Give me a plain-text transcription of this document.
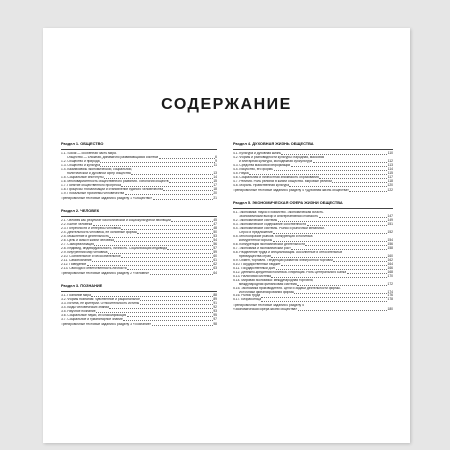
СОДЕРЖАНИЕ
Раздел 1. ОБЩЕСТВО
1.1. Social — особенная часть мира.
Общество — сложная, динамично развивающаяся система	6
1.2. Общество и природа	9
1.3. Общество и культура	11
1.4. Взаимосвязь экономической, социальной,
политической и духовной сфер общества	13
1.5. Социальные институты	14
1.6. Многовариантность общественного развития. Типология обществ	15
1.7. Понятие общественного прогресса	17
1.8. Процессы глобализации и становление единого человечества	18
1.9. Глобальные проблемы человечества	20
Тренировочные тестовые задания к разделу 1 «Общество»	21
Раздел 2. ЧЕЛОВЕК
2.1. Человек как результат биологической и социокультурной эволюции	45
2.2. Бытие человека	47
2.3. Потребности и интересы человека	48
2.4. Деятельность человека, ее основные формы	50
2.5. Мышление и деятельность	53
2.6. Цель и смысл жизни человека	54
2.7. Самореализация	56
2.8. Индивид, индивидуальность, личность. Социализация индивида	57
2.9. Внутренний мир человека	59
2.10. Сознательное и бессознательное	60
2.11. Самопознание	61
2.12. Поведение	62
2.13. Свобода и ответственность личности	63
Тренировочные тестовые задания к разделу 2 «Человек»	64
Раздел 3. ПОЗНАНИЕ
3.1. Познание мира	88
3.2. Формы познания: чувственное и рациональное	89
3.3. Истина, ее критерии. Относительность истины	91
3.4. Виды человеческих знаний	92
3.5. Научное познание	93
3.6. Социальные науки, их классификация	95
3.7. Социальное и гуманитарное знание	97
Тренировочные тестовые задания к разделу 3 «Познание»	98
Раздел 4. ДУХОВНАЯ ЖИЗНЬ ОБЩЕСТВА
4.1. Культура и духовная жизнь	110
4.2. Формы и разновидности культуры: народная, массовая
и элитарная культура, молодежная субкультура	112
4.3. Средства массовой информации	113
4.4. Искусство, его формы	114
4.5. Наука	115
4.6. Социальная и личностная значимость образования	117
4.7. Религия. Роль религии в жизни общества. Мировые религии	118
4.8. Мораль. Нравственная культура	120
Тренировочные тестовые задания к разделу 4 «Духовная жизнь общества»	122
Раздел 5. ЭКОНОМИЧЕСКАЯ СФЕРА ЖИЗНИ ОБЩЕСТВА
5.1. Экономика: наука и хозяйство. Экономическая Власть.
Экономический выбор и альтернативная стоимость	147
5.2. Экономические системы	149
5.3. Экономическое содержание собственности	151
5.4. Экономические системы. Рынок и рыночный механизм.
Спрос и предложение	152
5.5. Многообразие рынков. Конкуренция и политика
конкурентной борьбы	154
5.6. Конкуренция экономической деятельности	156
5.7. Экономика и экономический рост	158
5.8. Разделение труда и специализация. Абсолютные и относительные
преимущества стран	160
5.9. Обмен, торговля. Тенденции развития электронной торговли	162
5.10. Государственный бюджет	164
5.11. Государственный долг	166
5.12. Денежно-кредитная политика. Инфляция. Роль Центрального Банка	168
5.13. Налоговая система	170
5.14. Мировая экономика: международная торговля,
международная финансовая система	172
5.15. Экономика производителя. Цели и задачи деятельности фирмы.
Источники финансирования фирмы	174
5.16. Рынок труда	176
5.17. Безработица	178
Тренировочные тестовые задания к разделу 5
«Экономическая сфера жизни общества»	180
